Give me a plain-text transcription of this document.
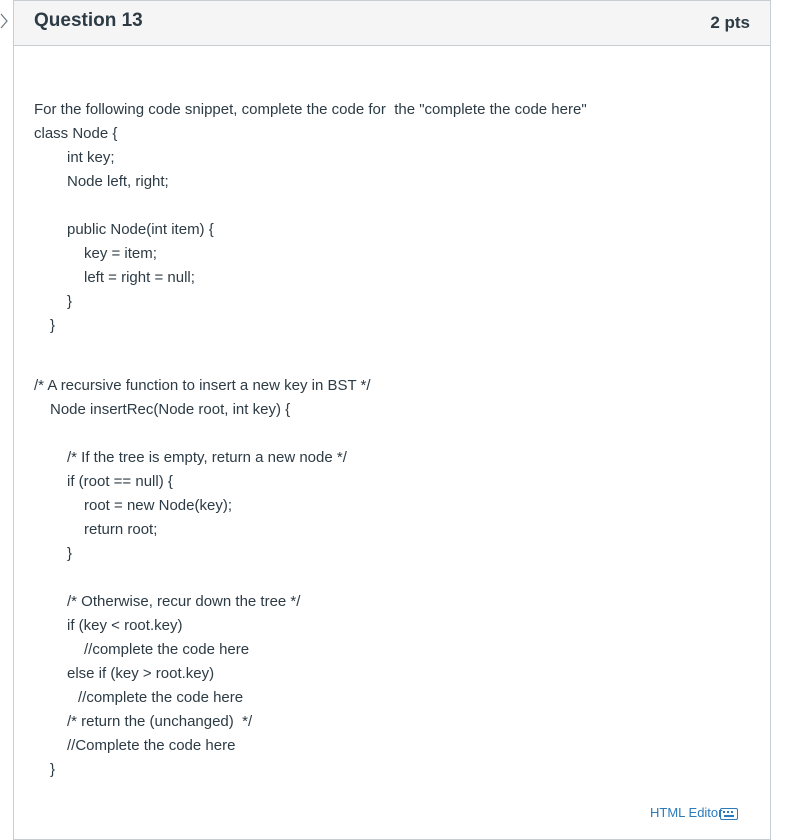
Question 13	2 pts
For the following code snippet, complete the code for  the "complete the code here"
class Node {
int key;
Node left, right;
public Node(int item) {
key = item;
left = right = null;
}
}
/* A recursive function to insert a new key in BST */
Node insertRec(Node root, int key) {
/* If the tree is empty, return a new node */
if (root == null) {
root = new Node(key);
return root;
}
/* Otherwise, recur down the tree */
if (key < root.key)
//complete the code here
else if (key > root.key)
//complete the code here
/* return the (unchanged)  */
//Complete the code here
}
HTML Editor
